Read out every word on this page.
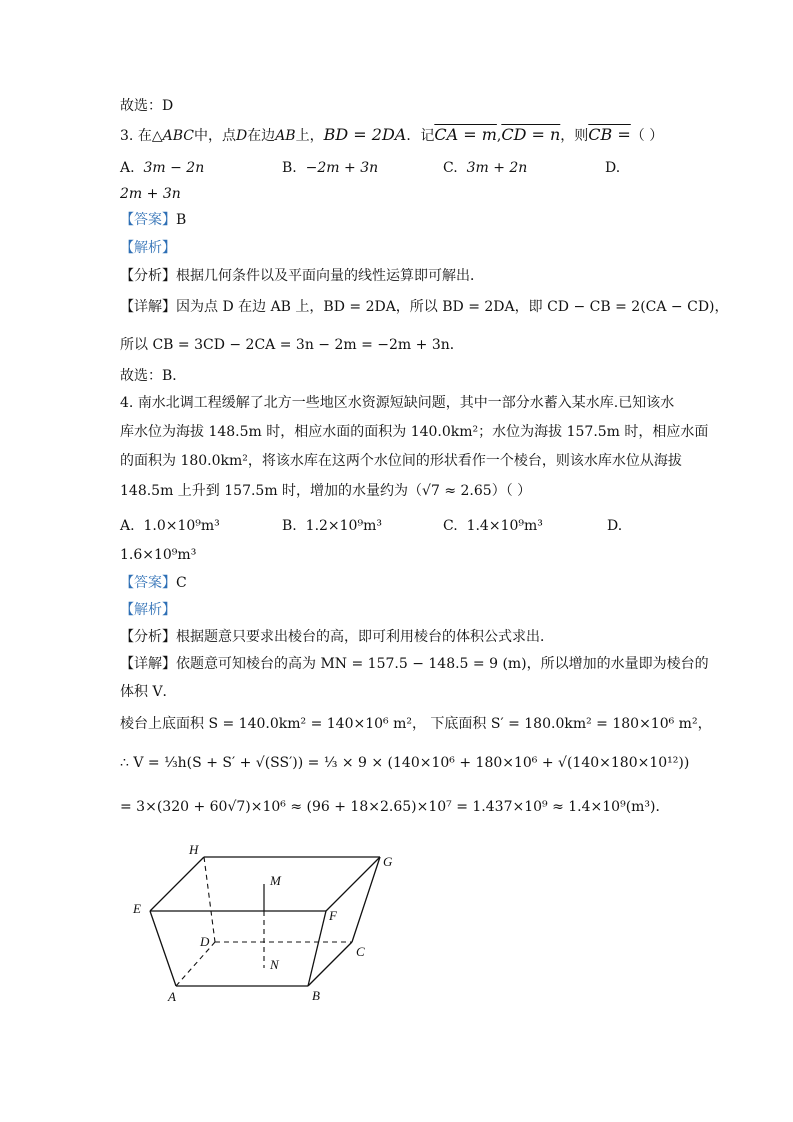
故选：D
3. 在△ABC中，点D在边AB上，BD = 2DA．记CA = m,CD = n，则CB =（ ）
A. 3m − 2n	B. −2m + 3n	C. 3m + 2n	D.
2m + 3n
【答案】B
【解析】
【分析】根据几何条件以及平面向量的线性运算即可解出．
【详解】因为点 D 在边 AB 上，BD = 2DA，所以 BD = 2DA，即 CD − CB = 2(CA − CD)，
所以 CB = 3CD − 2CA = 3n − 2m = −2m + 3n．
故选：B．
4. 南水北调工程缓解了北方一些地区水资源短缺问题，其中一部分水蓄入某水库.已知该水
库水位为海拔 148.5m 时，相应水面的面积为 140.0km²；水位为海拔 157.5m 时，相应水面
的面积为 180.0km²，将该水库在这两个水位间的形状看作一个棱台，则该水库水位从海拔
148.5m 上升到 157.5m 时，增加的水量约为（√7 ≈ 2.65）（ ）
A. 1.0×10⁹m³	B. 1.2×10⁹m³	C. 1.4×10⁹m³	D.
1.6×10⁹m³
【答案】C
【解析】
【分析】根据题意只要求出棱台的高，即可利用棱台的体积公式求出．
【详解】依题意可知棱台的高为 MN = 157.5 − 148.5 = 9 (m)，所以增加的水量即为棱台的
体积 V．
棱台上底面积 S = 140.0km² = 140×10⁶ m²， 下底面积 S′ = 180.0km² = 180×10⁶ m²，
∴ V = ⅓h(S + S′ + √(SS′)) = ⅓ × 9 × (140×10⁶ + 180×10⁶ + √(140×180×10¹²))
= 3×(320 + 60√7)×10⁶ ≈ (96 + 18×2.65)×10⁷ = 1.437×10⁹ ≈ 1.4×10⁹(m³)．
H
G
E	F
M
D
C
N
A	B
